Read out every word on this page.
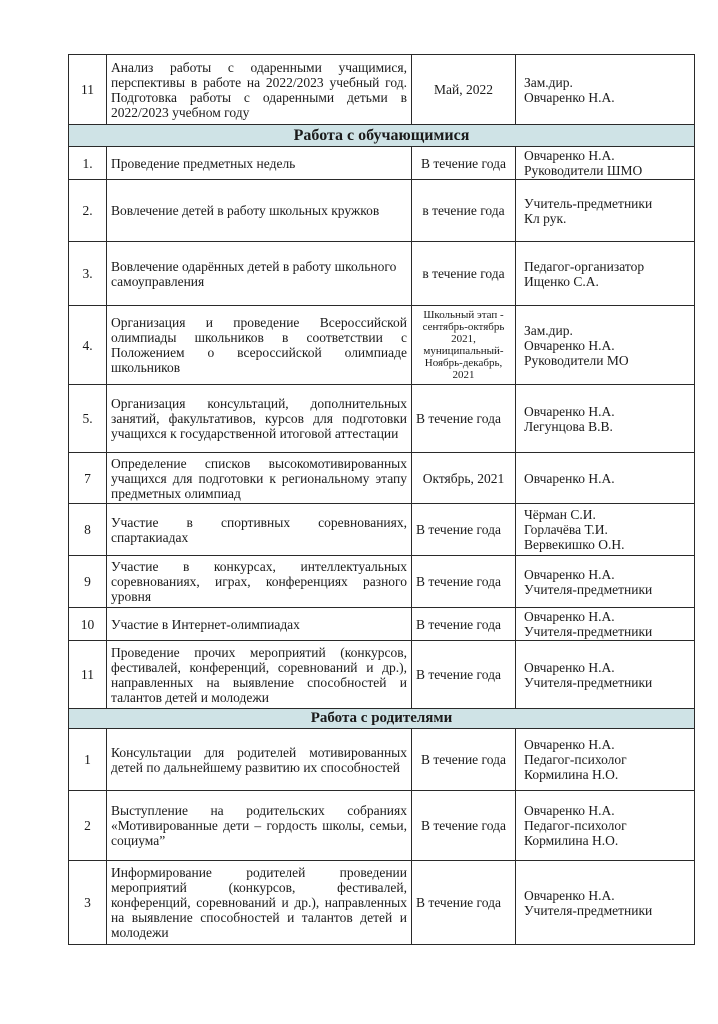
11	Анализ работы с одаренными учащимися, перспективы в работе на 2022/2023 учебный год. Подготовка работы с одаренными детьми в 2022/2023 учебном году	Май, 2022	Зам.дир.
Овчаренко Н.А.

Работа с обучающимися			
1.	Проведение предметных недель	В течение года	Овчаренко Н.А.
Руководители ШМО

2.	Вовлечение детей в работу школьных кружков	в течение года	Учитель-предметники
Кл рук.

3.	Вовлечение одарённых детей в работу школьного самоуправления	в течение года	Педагог-организатор
Ищенко С.А.

4.	Организация и проведение Всероссийской олимпиады школьников в соответствии с Положением о всероссийской олимпиаде школьников	Школьный этап - сентябрь-октябрь 2021, муниципальный-Ноябрь-декабрь, 2021	Зам.дир.
Овчаренко Н.А.
Руководители МО

5.	Организация консультаций, дополнительных занятий, факультативов, курсов для подготовки учащихся к государственной итоговой аттестации	В течение года	Овчаренко Н.А.
Легунцова В.В.

7	Определение списков высокомотивированных учащихся для подготовки к региональному этапу предметных олимпиад	Октябрь, 2021	Овчаренко Н.А.

8	Участие в спортивных соревнованиях, спартакиадах	В течение года	Чёрман С.И.
Горлачёва Т.И.
Вервекишко О.Н.

9	Участие в конкурсах, интеллектуальных соревнованиях, играх, конференциях разного уровня	В течение года	Овчаренко Н.А.
Учителя-предметники

10	Участие в Интернет-олимпиадах	В течение года	Овчаренко Н.А.
Учителя-предметники

11	Проведение прочих мероприятий (конкурсов, фестивалей, конференций, соревнований и др.), направленных на выявление способностей и талантов детей и молодежи	В течение года	Овчаренко Н.А.
Учителя-предметники

Работа с родителями			
1	Консультации для родителей мотивированных детей по дальнейшему развитию их способностей	В течение года	Овчаренко Н.А.
Педагог-психолог
Кормилина Н.О.

2	Выступление на родительских собраниях «Мотивированные дети – гордость школы, семьи, социума”	В течение года	Овчаренко Н.А.
Педагог-психолог
Кормилина Н.О.

3	Информирование родителей проведении мероприятий (конкурсов, фестивалей, конференций, соревнований и др.), направленных на выявление способностей и талантов детей и молодежи	В течение года	Овчаренко Н.А.
Учителя-предметники
